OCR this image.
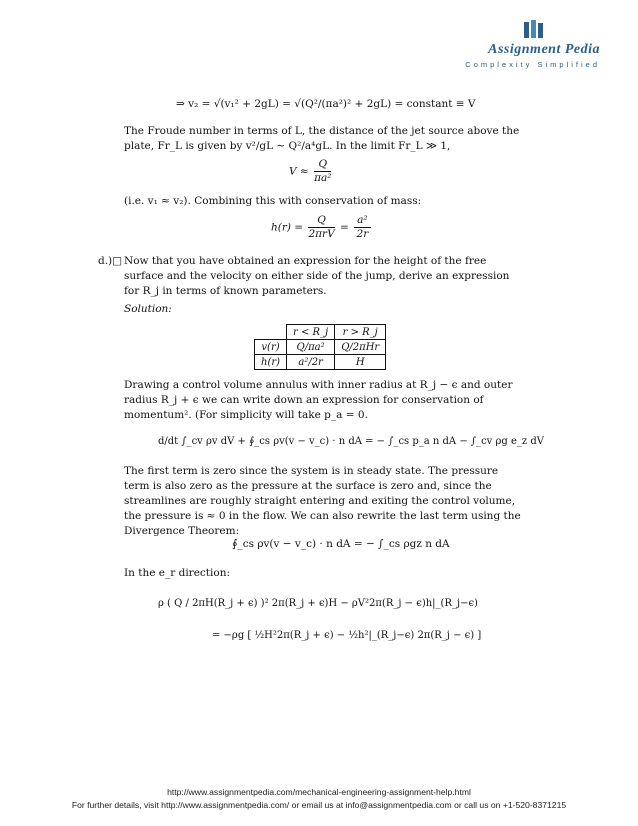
Assignment Pedia
Complexity Simplified
⇒ v₂ = √(v₁² + 2gL) = √(Q²/(πa²)² + 2gL) = constant ≡ V
The Froude number in terms of L, the distance of the jet source above the plate, Fr_L is given by v²/gL ∼ Q²/a⁴gL. In the limit Fr_L ≫ 1,
$V \approx \frac{Q}{\text{πa²}}$
(i.e. v₁ ≈ v₂). Combining this with conservation of mass:
$h(r) = \frac{Q}{\text{2πrV}} = \frac{\text{a²}}{2r}$
d.)□ Now that you have obtained an expression for the height of the free surface and the velocity on either side of the jump, derive an expression for R_j in terms of known parameters.
Solution:
	r < R_j	r > R_j
v(r)	Q/πa²	Q/2πHr
h(r)	a²/2r	H
Drawing a control volume annulus with inner radius at R_j − ϵ and outer radius R_j + ϵ we can write down an expression for conservation of momentum². (For simplicity will take p_a = 0.
d/dt ∫_cv ρv dV + ∮_cs ρv(v − v_c) · n dA = − ∫_cs p_a n dA − ∫_cv ρg e_z dV
The first term is zero since the system is in steady state. The pressure term is also zero as the pressure at the surface is zero and, since the streamlines are roughly straight entering and exiting the control volume, the pressure is ≈ 0 in the flow. We can also rewrite the last term using the Divergence Theorem:
∮_cs ρv(v − v_c) · n dA = − ∫_cs ρgz n dA
In the e_r direction:
ρ ( Q / 2πH(R_j + ϵ) )² 2π(R_j + ϵ)H − ρV²2π(R_j − ϵ)h|_(R_j−ϵ)
= −ρg [ ½H²2π(R_j + ϵ) − ½h²|_(R_j−ϵ) 2π(R_j − ϵ) ]
http://www.assignmentpedia.com/mechanical-engineering-assignment-help.html
For further details, visit http://www.assignmentpedia.com/ or email us at info@assignmentpedia.com or call us on +1-520-8371215
